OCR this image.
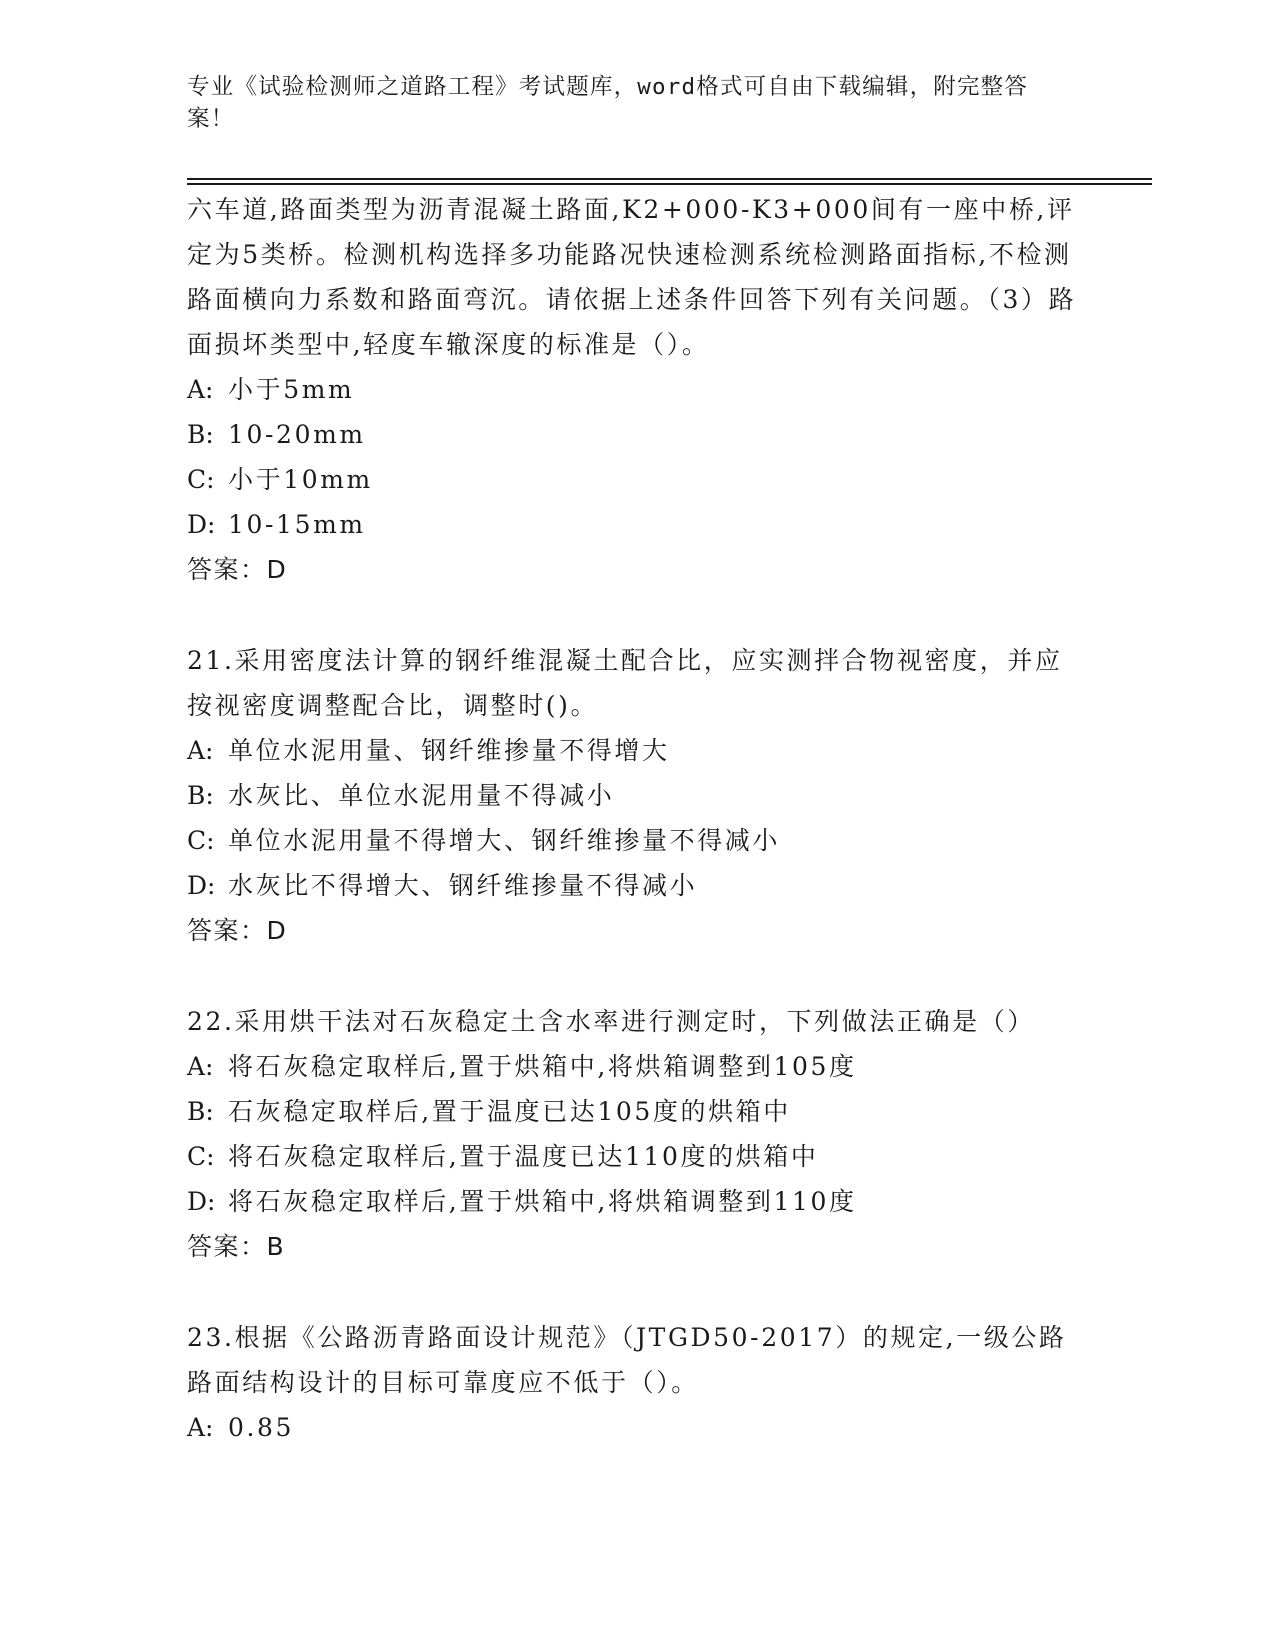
专业《试验检测师之道路工程》考试题库，word格式可自由下载编辑，附完整答案！

六车道,路面类型为沥青混凝土路面,K2+000-K3+000间有一座中桥,评定为5类桥。检测机构选择多功能路况快速检测系统检测路面指标,不检测路面横向力系数和路面弯沉。请依据上述条件回答下列有关问题。（3）路面损坏类型中,轻度车辙深度的标准是（）。

A: 小于5mm

B: 10-20mm

C: 小于10mm

D: 10-15mm

答案：D

21.采用密度法计算的钢纤维混凝土配合比，应实测拌合物视密度，并应按视密度调整配合比，调整时()。

A: 单位水泥用量、钢纤维掺量不得增大

B: 水灰比、单位水泥用量不得减小

C: 单位水泥用量不得增大、钢纤维掺量不得减小

D: 水灰比不得增大、钢纤维掺量不得减小

答案：D

22.采用烘干法对石灰稳定土含水率进行测定时，下列做法正确是（）

A: 将石灰稳定取样后,置于烘箱中,将烘箱调整到105度

B: 石灰稳定取样后,置于温度已达105度的烘箱中

C: 将石灰稳定取样后,置于温度已达110度的烘箱中

D: 将石灰稳定取样后,置于烘箱中,将烘箱调整到110度

答案：B

23.根据《公路沥青路面设计规范》（JTGD50-2017）的规定,一级公路路面结构设计的目标可靠度应不低于（）。

A: 0.85
